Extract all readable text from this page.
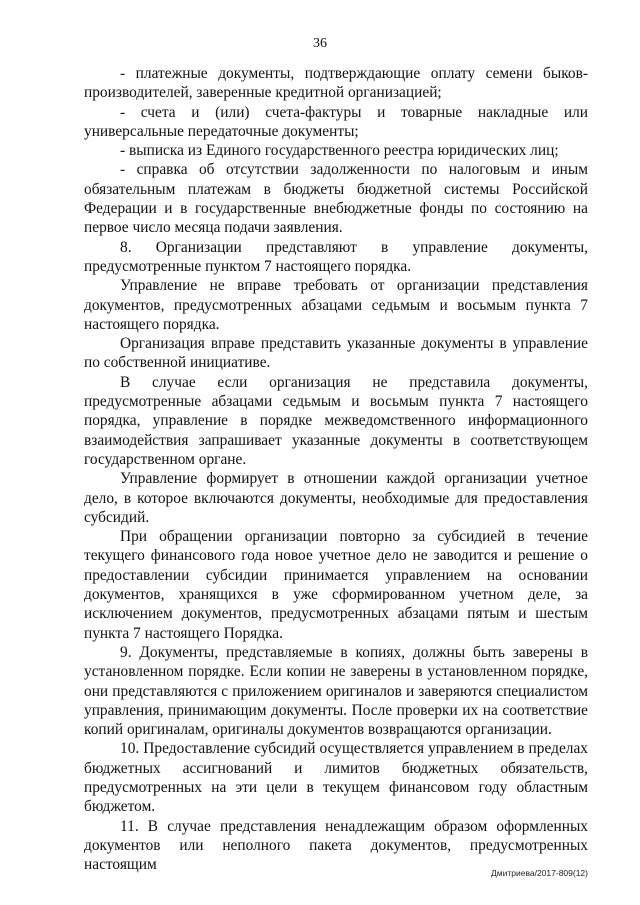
36

- платежные документы, подтверждающие оплату семени быков-производителей, заверенные кредитной организацией;

- счета и (или) счета-фактуры и товарные накладные или универсальные передаточные документы;

- выписка из Единого государственного реестра юридических лиц;

- справка об отсутствии задолженности по налоговым и иным обязательным платежам в бюджеты бюджетной системы Российской Федерации и в государственные внебюджетные фонды по состоянию на первое число месяца подачи заявления.

8. Организации представляют в управление документы, предусмотренные пунктом 7 настоящего порядка.

Управление не вправе требовать от организации представления документов, предусмотренных абзацами седьмым и восьмым пункта 7 настоящего порядка.

Организация вправе представить указанные документы в управление по собственной инициативе.

В случае если организация не представила документы, предусмотренные абзацами седьмым и восьмым пункта 7 настоящего порядка, управление в порядке межведомственного информационного взаимодействия запрашивает указанные документы в соответствующем государственном органе.

Управление формирует в отношении каждой организации учетное дело, в которое включаются документы, необходимые для предоставления субсидий.

При обращении организации повторно за субсидией в течение текущего финансового года новое учетное дело не заводится и решение о предоставлении субсидии принимается управлением на основании документов, хранящихся в уже сформированном учетном деле, за исключением документов, предусмотренных абзацами пятым и шестым пункта 7 настоящего Порядка.

9. Документы, представляемые в копиях, должны быть заверены в установленном порядке. Если копии не заверены в установленном порядке, они представляются с приложением оригиналов и заверяются специалистом управления, принимающим документы. После проверки их на соответствие копий оригиналам, оригиналы документов возвращаются организации.

10. Предоставление субсидий осуществляется управлением в пределах бюджетных ассигнований и лимитов бюджетных обязательств, предусмотренных на эти цели в текущем финансовом году областным бюджетом.

11. В случае представления ненадлежащим образом оформленных документов или неполного пакета документов, предусмотренных настоящим	Дмитриева/2017-809(12)
